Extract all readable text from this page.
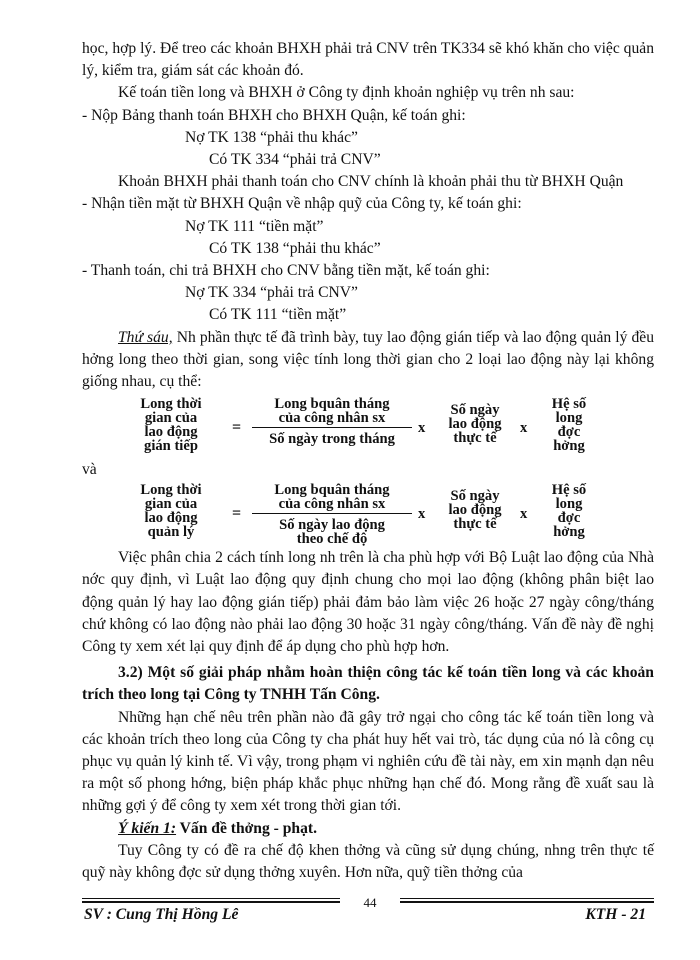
học, hợp lý. Để treo các khoản BHXH phải trả CNV trên TK334 sẽ khó khăn cho việc quản lý, kiểm tra, giám sát các khoản đó.

Kế toán tiền long và BHXH ở Công ty định khoản nghiệp vụ trên nh sau:

- Nộp Bảng thanh toán BHXH cho BHXH Quận, kế toán ghi:

Nợ TK 138 “phải thu khác”

Có TK 334 “phải trả CNV”

Khoản BHXH phải thanh toán cho CNV chính là khoản phải thu từ BHXH Quận

- Nhận tiền mặt từ BHXH Quận về nhập quỹ của Công ty, kế toán ghi:

Nợ TK 111 “tiền mặt”

Có TK 138 “phải thu khác”

- Thanh toán, chi trả BHXH cho CNV bằng tiền mặt, kế toán ghi:

Nợ TK 334 “phải trả CNV”

Có TK 111 “tiền mặt”

Thứ sáu, Nh phần thực tế đã trình bày, tuy lao động gián tiếp và lao động quản lý đều hởng long theo thời gian, song việc tính long thời gian cho 2 loại lao động này lại không giống nhau, cụ thể:

Long thời
gian của
lao động
gián tiếp
=
Long bquân tháng
của công nhân sx
Số ngày trong tháng
x
Số ngày
lao động
thực tế
x
Hệ số
long
đợc
hởng

và

Long thời
gian của
lao động
quản lý
=
Long bquân tháng
của công nhân sx
Số ngày lao động
theo chế độ
x
Số ngày
lao động
thực tế
x
Hệ số
long
đợc
hởng

Việc phân chia 2 cách tính long nh trên là cha phù hợp với Bộ Luật lao động của Nhà nớc quy định, vì Luật lao động quy định chung cho mọi lao động (không phân biệt lao động quản lý hay lao động gián tiếp) phải đảm bảo làm việc 26 hoặc 27 ngày công/tháng chứ không có lao động nào phải lao động 30 hoặc 31 ngày công/tháng. Vấn đề này đề nghị Công ty xem xét lại quy định để áp dụng cho phù hợp hơn.

3.2) Một số giải pháp nhằm hoàn thiện công tác kế toán tiền long và các khoản trích theo long tại Công ty TNHH Tấn Công.

Những hạn chế nêu trên phần nào đã gây trở ngại cho công tác kế toán tiền long và các khoản trích theo long của Công ty cha phát huy hết vai trò, tác dụng của nó là công cụ phục vụ quản lý kinh tế. Vì vậy, trong phạm vi nghiên cứu đề tài này, em xin mạnh dạn nêu ra một số phong hớng, biện pháp khắc phục những hạn chế đó. Mong rằng đề xuất sau là những gợi ý để công ty xem xét trong thời gian tới.

Ý kiến 1: Vấn đề thởng - phạt.

Tuy Công ty có đề ra chế độ khen thởng và cũng sử dụng chúng, nhng trên thực tế quỹ này không đợc sử dụng thởng xuyên. Hơn nữa, quỹ tiền thởng của

44
SV : Cung Thị Hồng Lê	KTH - 21
